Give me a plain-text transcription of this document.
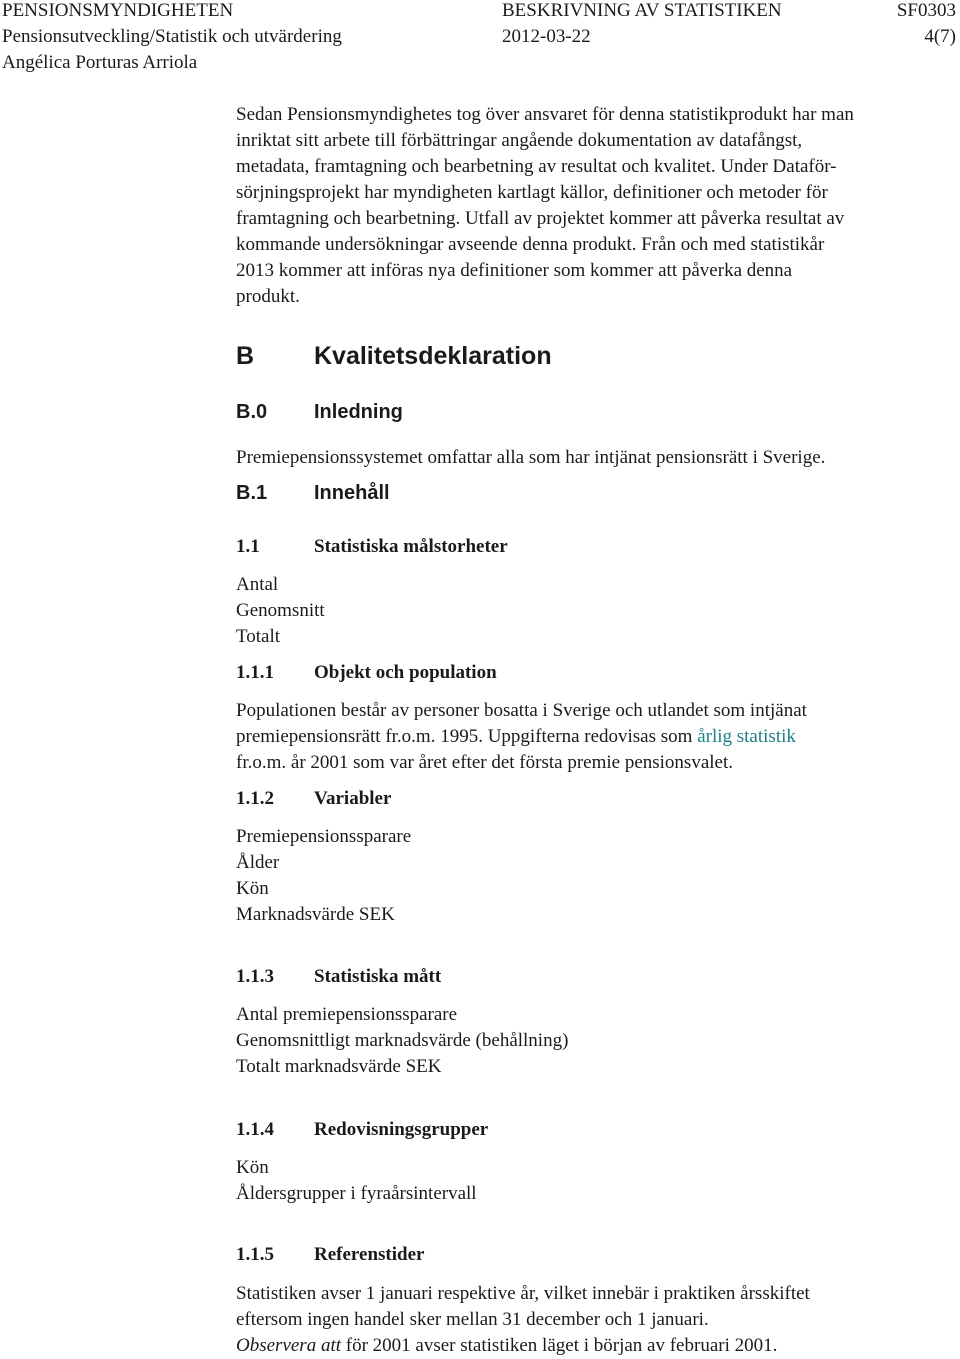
PENSIONSMYNDIGHETEN	BESKRIVNING AV STATISTIKEN	SF0303
Pensionsutveckling/Statistik och utvärdering	2012-03-22	4(7)
Angélica Porturas Arriola
Sedan Pensionsmyndighetes tog över ansvaret för denna statistikprodukt har man
inriktat sitt arbete till förbättringar angående dokumentation av datafångst,
metadata, framtagning och bearbetning av resultat och kvalitet. Under Dataför-
sörjningsprojekt har myndigheten kartlagt källor, definitioner och metoder för
framtagning och bearbetning. Utfall av projektet kommer att påverka resultat av
kommande undersökningar avseende denna produkt. Från och med statistikår
2013 kommer att införas nya definitioner som kommer att påverka denna
produkt.
B Kvalitetsdeklaration
B.0 Inledning
Premiepensionssystemet omfattar alla som har intjänat pensionsrätt i Sverige.
B.1 Innehåll
1.1	Statistiska målstorheter
Antal
Genomsnitt
Totalt
1.1.1 Objekt och population
Populationen består av personer bosatta i Sverige och utlandet som intjänat
premiepensionsrätt fr.o.m. 1995. Uppgifterna redovisas som årlig statistik
fr.o.m. år 2001 som var året efter det första premie pensionsvalet.
1.1.2 Variabler
Premiepensionssparare
Ålder
Kön
Marknadsvärde SEK
1.1.3 Statistiska mått
Antal premiepensionssparare
Genomsnittligt marknadsvärde (behållning)
Totalt marknadsvärde SEK
1.1.4 Redovisningsgrupper
Kön
Åldersgrupper i fyraårsintervall
1.1.5 Referenstider
Statistiken avser 1 januari respektive år, vilket innebär i praktiken årsskiftet
eftersom ingen handel sker mellan 31 december och 1 januari.
Observera att för 2001 avser statistiken läget i början av februari 2001.
